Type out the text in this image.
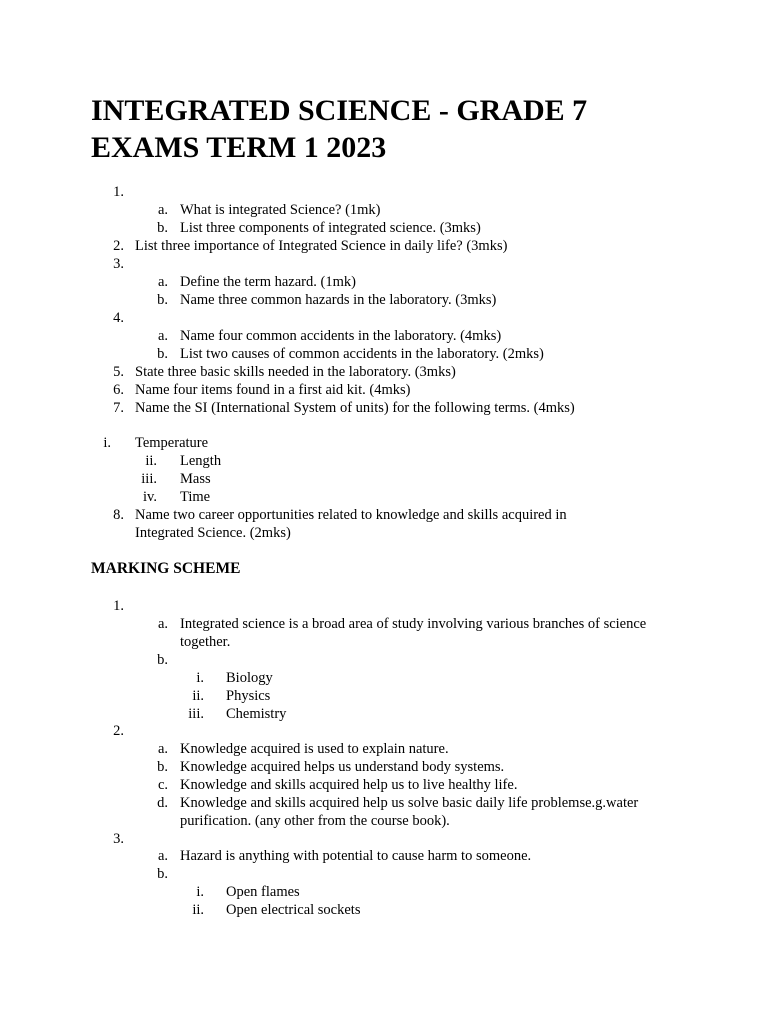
INTEGRATED SCIENCE - GRADE 7
EXAMS TERM 1 2023
1.
a. What is integrated Science? (1mk)
b. List three components of integrated science. (3mks)
2. List three importance of Integrated Science in daily life? (3mks)
3.
a. Define the term hazard. (1mk)
b. Name three common hazards in the laboratory. (3mks)
4.
a. Name four common accidents in the laboratory. (4mks)
b. List two causes of common accidents in the laboratory. (2mks)
5. State three basic skills needed in the laboratory. (3mks)
6. Name four items found in a first aid kit. (4mks)
7. Name the SI (International System of units) for the following terms. (4mks)
i. Temperature
ii. Length
iii. Mass
iv. Time
8. Name two career opportunities related to knowledge and skills acquired in
Integrated Science. (2mks)
MARKING SCHEME
1.
a. Integrated science is a broad area of study involving various branches of science
together.
b.
i. Biology
ii. Physics
iii. Chemistry
2.
a. Knowledge acquired is used to explain nature.
b. Knowledge acquired helps us understand body systems.
c. Knowledge and skills acquired help us to live healthy life.
d. Knowledge and skills acquired help us solve basic daily life problemse.g.water
purification. (any other from the course book).
3.
a. Hazard is anything with potential to cause harm to someone.
b.
i. Open flames
ii. Open electrical sockets
